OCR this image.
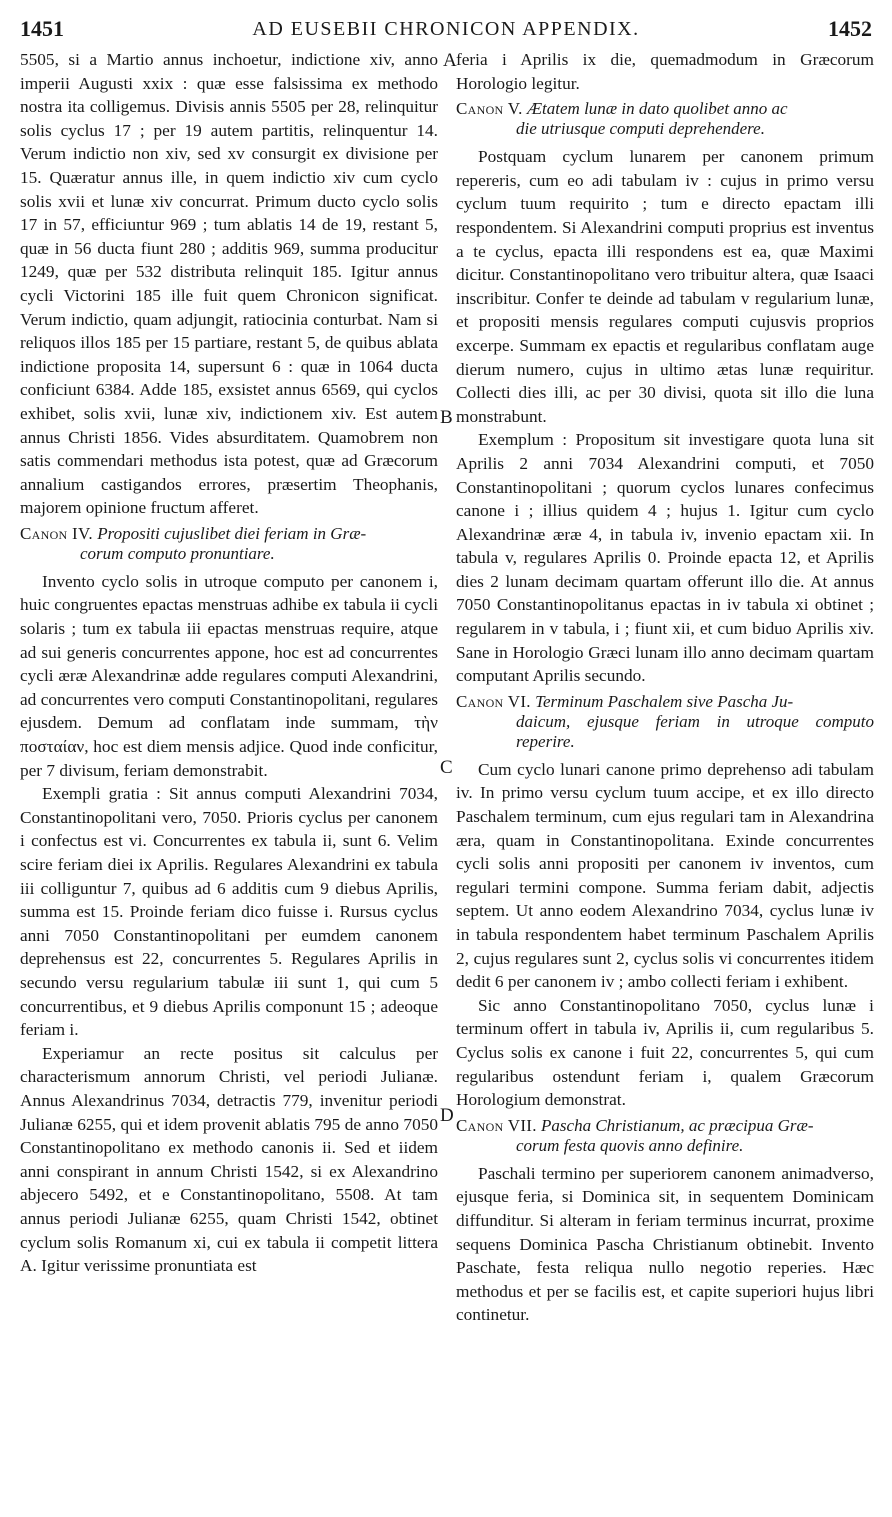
1451	AD EUSEBII CHRONICON APPENDIX.	1452
A
B
C
D

5505, si a Martio annus inchoetur, indictione xiv, anno imperii Augusti xxix : quæ esse falsissima ex methodo nostra ita colligemus. Divisis annis 5505 per 28, relinquitur solis cyclus 17 ; per 19 autem partitis, relinquentur 14. Verum indictio non xiv, sed xv consurgit ex divisione per 15. Quæratur annus ille, in quem indictio xiv cum cyclo solis xvii et lunæ xiv concurrat. Primum ducto cyclo solis 17 in 57, efficiuntur 969 ; tum ablatis 14 de 19, restant 5, quæ in 56 ducta fiunt 280 ; additis 969, summa producitur 1249, quæ per 532 distributa relinquit 185. Igitur annus cycli Victorini 185 ille fuit quem Chronicon significat. Verum indictio, quam adjungit, ratiocinia conturbat. Nam si reliquos illos 185 per 15 partiare, restant 5, de quibus ablata indictione proposita 14, supersunt 6 : quæ in 1064 ducta conficiunt 6384. Adde 185, exsistet annus 6569, qui cyclos exhibet, solis xvii, lunæ xiv, indictionem xiv. Est autem annus Christi 1856. Vides absurditatem. Quamobrem non satis commendari methodus ista potest, quæ ad Græcorum annalium castigandos errores, præsertim Theophanis, majorem opinione fructum afferet.

Canon IV. Propositi cujuslibet diei feriam in Græ-
corum computo pronuntiare.

Invento cyclo solis in utroque computo per canonem i, huic congruentes epactas menstruas adhibe ex tabula ii cycli solaris ; tum ex tabula iii epactas menstruas require, atque ad sui generis concurrentes appone, hoc est ad concurrentes cycli æræ Alexandrinæ adde regulares computi Alexandrini, ad concurrentes vero computi Constantinopolitani, regulares ejusdem. Demum ad conflatam inde summam, τὴν ποσταίαν, hoc est diem mensis adjice. Quod inde conficitur, per 7 divisum, feriam demonstrabit.

Exempli gratia : Sit annus computi Alexandrini 7034, Constantinopolitani vero, 7050. Prioris cyclus per canonem i confectus est vi. Concurrentes ex tabula ii, sunt 6. Velim scire feriam diei ix Aprilis. Regulares Alexandrini ex tabula iii colliguntur 7, quibus ad 6 additis cum 9 diebus Aprilis, summa est 15. Proinde feriam dico fuisse i. Rursus cyclus anni 7050 Constantinopolitani per eumdem canonem deprehensus est 22, concurrentes 5. Regulares Aprilis in secundo versu regularium tabulæ iii sunt 1, qui cum 5 concurrentibus, et 9 diebus Aprilis componunt 15 ; adeoque feriam i.

Experiamur an recte positus sit calculus per characterismum annorum Christi, vel periodi Julianæ. Annus Alexandrinus 7034, detractis 779, invenitur periodi Julianæ 6255, qui et idem provenit ablatis 795 de anno 7050 Constantinopolitano ex methodo canonis ii. Sed et iidem anni conspirant in annum Christi 1542, si ex Alexandrino abjecero 5492, et e Constantinopolitano, 5508. At tam annus periodi Julianæ 6255, quam Christi 1542, obtinet cyclum solis Romanum xi, cui ex tabula ii competit littera A. Igitur verissime pronuntiata est

feria i Aprilis ix die, quemadmodum in Græcorum Horologio legitur.

Canon V. Ætatem lunæ in dato quolibet anno ac
die utriusque computi deprehendere.

Postquam cyclum lunarem per canonem primum repereris, cum eo adi tabulam iv : cujus in primo versu cyclum tuum requirito ; tum e directo epactam illi respondentem. Si Alexandrini computi proprius est inventus a te cyclus, epacta illi respondens est ea, quæ Maximi dicitur. Constantinopolitano vero tribuitur altera, quæ Isaaci inscribitur. Confer te deinde ad tabulam v regularium lunæ, et propositi mensis regulares computi cujusvis proprios excerpe. Summam ex epactis et regularibus conflatam auge dierum numero, cujus in ultimo ætas lunæ requiritur. Collecti dies illi, ac per 30 divisi, quota sit illo die luna monstrabunt.

Exemplum : Propositum sit investigare quota luna sit Aprilis 2 anni 7034 Alexandrini computi, et 7050 Constantinopolitani ; quorum cyclos lunares confecimus canone i ; illius quidem 4 ; hujus 1. Igitur cum cyclo Alexandrinæ æræ 4, in tabula iv, invenio epactam xii. In tabula v, regulares Aprilis 0. Proinde epacta 12, et Aprilis dies 2 lunam decimam quartam offerunt illo die. At annus 7050 Constantinopolitanus epactas in iv tabula xi obtinet ; regularem in v tabula, i ; fiunt xii, et cum biduo Aprilis xiv. Sane in Horologio Græci lunam illo anno decimam quartam computant Aprilis secundo.

Canon VI. Terminum Paschalem sive Pascha Ju-
daicum, ejusque feriam in utroque computo reperire.

Cum cyclo lunari canone primo deprehenso adi tabulam iv. In primo versu cyclum tuum accipe, et ex illo directo Paschalem terminum, cum ejus regulari tam in Alexandrina æra, quam in Constantinopolitana. Exinde concurrentes cycli solis anni propositi per canonem iv inventos, cum regulari termini compone. Summa feriam dabit, adjectis septem. Ut anno eodem Alexandrino 7034, cyclus lunæ iv in tabula respondentem habet terminum Paschalem Aprilis 2, cujus regulares sunt 2, cyclus solis vi concurrentes itidem dedit 6 per canonem iv ; ambo collecti feriam i exhibent.

Sic anno Constantinopolitano 7050, cyclus lunæ i terminum offert in tabula iv, Aprilis ii, cum regularibus 5. Cyclus solis ex canone i fuit 22, concurrentes 5, qui cum regularibus ostendunt feriam i, qualem Græcorum Horologium demonstrat.

Canon VII. Pascha Christianum, ac præcipua Græ-
corum festa quovis anno definire.

Paschali termino per superiorem canonem animadverso, ejusque feria, si Dominica sit, in sequentem Dominicam diffunditur. Si alteram in feriam terminus incurrat, proxime sequens Dominica Pascha Christianum obtinebit. Invento Paschate, festa reliqua nullo negotio reperies. Hæc methodus et per se facilis est, et capite superiori hujus libri continetur.
